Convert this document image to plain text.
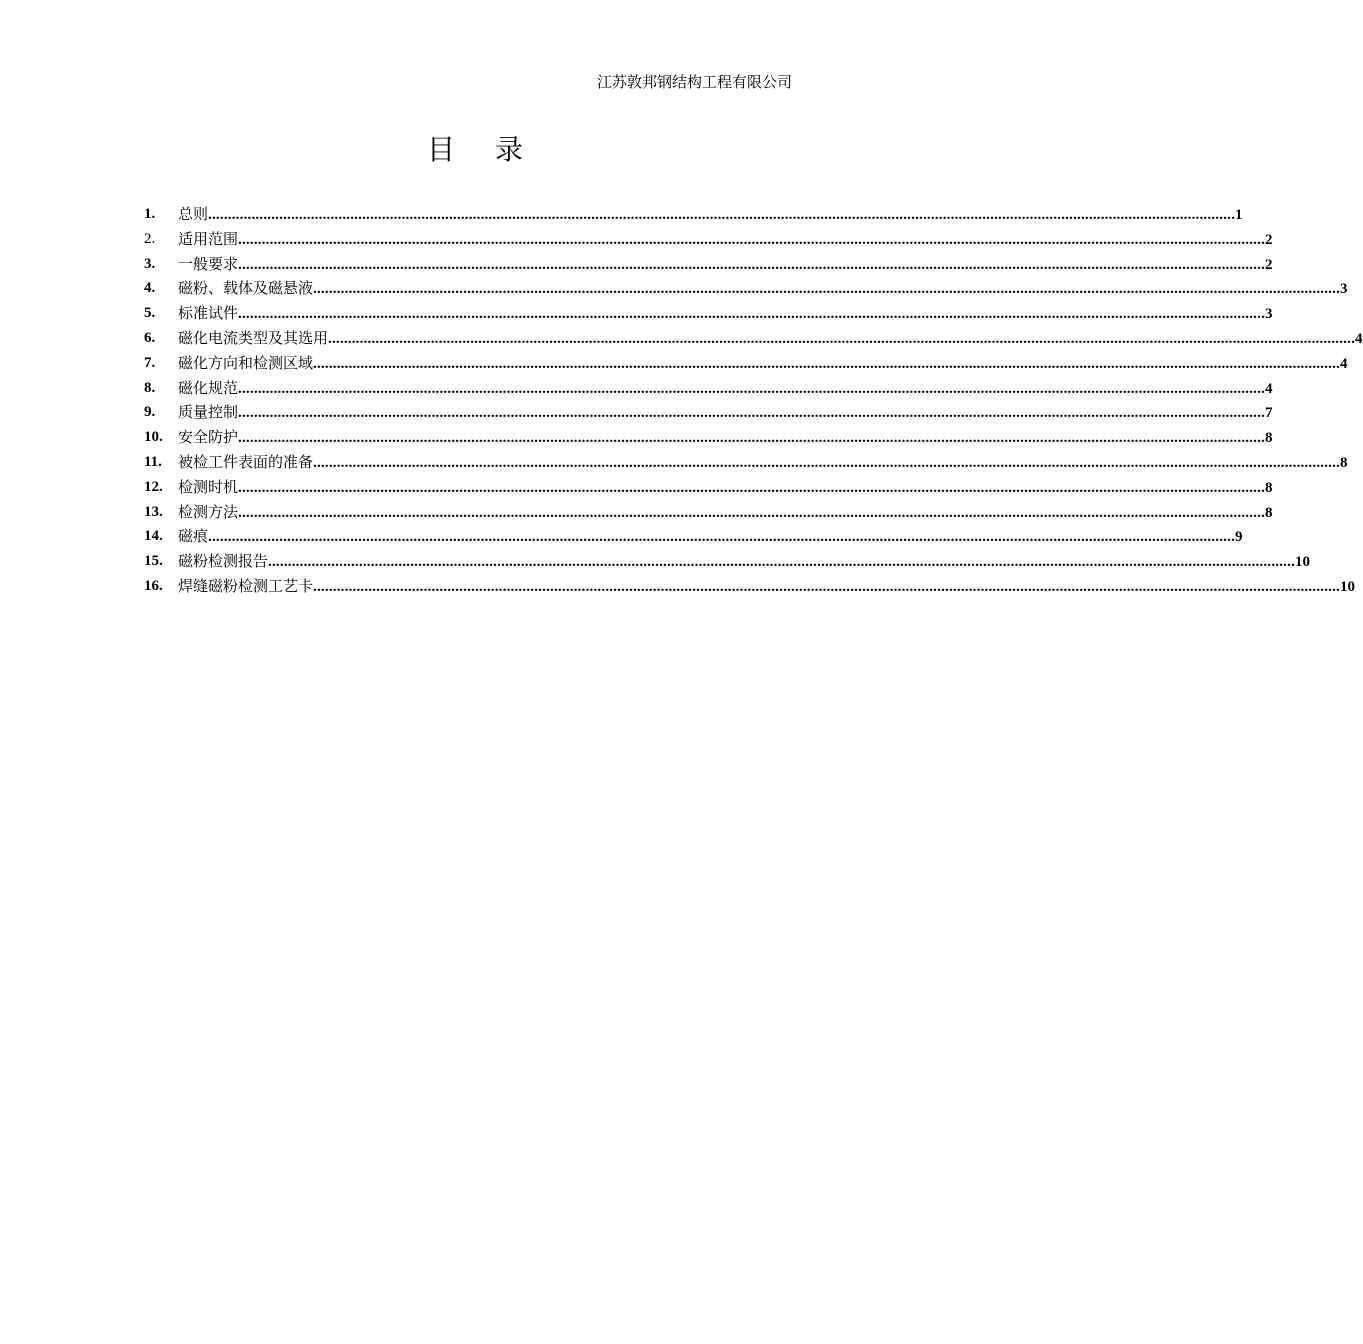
江苏敦邦钢结构工程有限公司
目录
1. 总则 .................................................................................................................................................................................................................................................................... 1
2. 适用范围 .................................................................................................................................................................................................................................................................... 2
3. 一般要求 .................................................................................................................................................................................................................................................................... 2
4. 磁粉、载体及磁悬液 .................................................................................................................................................................................................................................................................... 3
5. 标准试件 .................................................................................................................................................................................................................................................................... 3
6. 磁化电流类型及其选用 .................................................................................................................................................................................................................................................................... 4
7. 磁化方向和检测区域 .................................................................................................................................................................................................................................................................... 4
8. 磁化规范 .................................................................................................................................................................................................................................................................... 4
9. 质量控制 .................................................................................................................................................................................................................................................................... 7
10. 安全防护 .................................................................................................................................................................................................................................................................... 8
11. 被检工件表面的准备 .................................................................................................................................................................................................................................................................... 8
12. 检测时机 .................................................................................................................................................................................................................................................................... 8
13. 检测方法 .................................................................................................................................................................................................................................................................... 8
14. 磁痕 .................................................................................................................................................................................................................................................................... 9
15. 磁粉检测报告 .................................................................................................................................................................................................................................................................... 10
16. 焊缝磁粉检测工艺卡 .................................................................................................................................................................................................................................................................... 10
